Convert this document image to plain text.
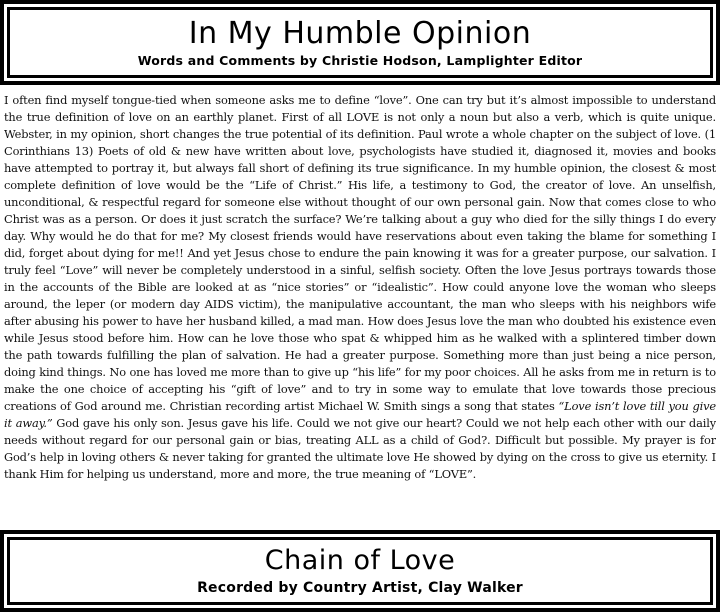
In My Humble Opinion
Words and Comments by Christie Hodson, Lamplighter Editor

I often find myself tongue-tied when someone asks me to define “love”. One can try but it’s almost impossible to understand the true definition of love on an earthly planet. First of all LOVE is not only a noun but also a verb, which is quite unique. Webster, in my opinion, short changes the true potential of its definition. Paul wrote a whole chapter on the subject of love. (1 Corinthians 13) Poets of old & new have written about love, psychologists have studied it, diagnosed it, movies and books have attempted to portray it, but always fall short of defining its true significance. In my humble opinion, the closest & most complete definition of love would be the “Life of Christ.” His life, a testimony to God, the creator of love. An unselfish, unconditional, & respectful regard for someone else without thought of our own personal gain. Now that comes close to who Christ was as a person. Or does it just scratch the surface? We’re talking about a guy who died for the silly things I do every day. Why would he do that for me? My closest friends would have reservations about even taking the blame for something I did, forget about dying for me!! And yet Jesus chose to endure the pain knowing it was for a greater purpose, our salvation. I truly feel “Love” will never be completely understood in a sinful, selfish society. Often the love Jesus portrays towards those in the accounts of the Bible are looked at as “nice stories” or “idealistic”. How could anyone love the woman who sleeps around, the leper (or modern day AIDS victim), the manipulative accountant, the man who sleeps with his neighbors wife after abusing his power to have her husband killed, a mad man. How does Jesus love the man who doubted his existence even while Jesus stood before him. How can he love those who spat & whipped him as he walked with a splintered timber down the path towards fulfilling the plan of salvation. He had a greater purpose. Something more than just being a nice person, doing kind things. No one has loved me more than to give up “his life” for my poor choices. All he asks from me in return is to make the one choice of accepting his “gift of love” and to try in some way to emulate that love towards those precious creations of God around me. Christian recording artist Michael W. Smith sings a song that states “Love isn’t love till you give it away.” God gave his only son. Jesus gave his life. Could we not give our heart? Could we not help each other with our daily needs without regard for our personal gain or bias, treating ALL as a child of God?. Difficult but possible. My prayer is for God’s help in loving others & never taking for granted the ultimate love He showed by dying on the cross to give us eternity. I thank Him for helping us understand, more and more, the true meaning of “LOVE”.

Chain of Love
Recorded by Country Artist, Clay Walker
